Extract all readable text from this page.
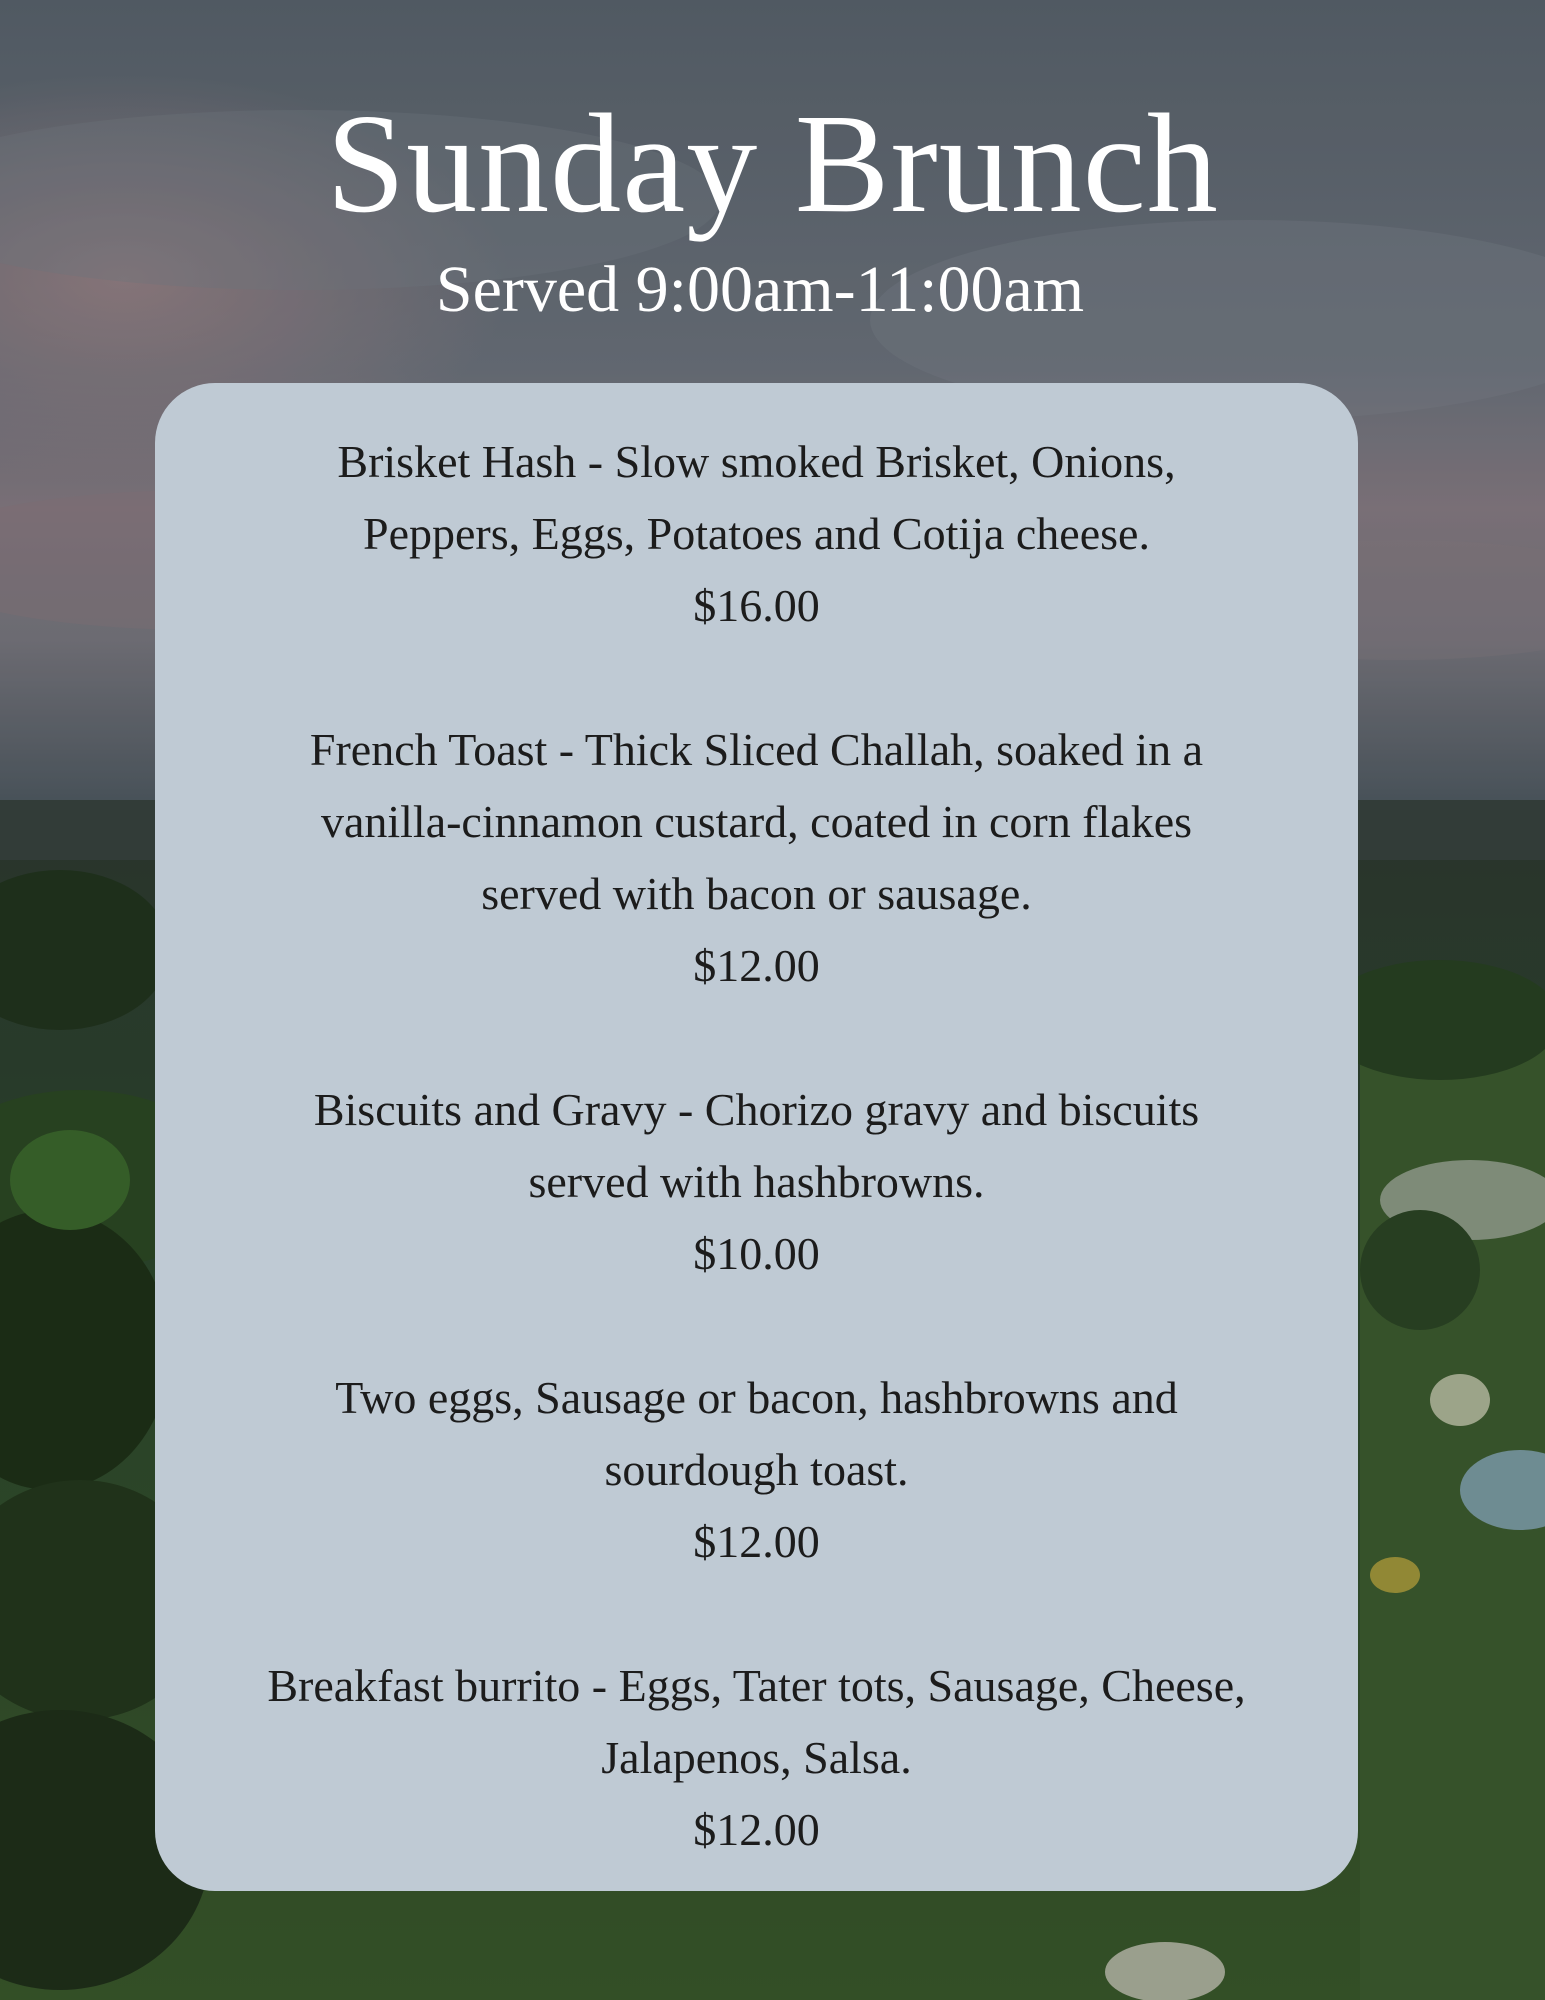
Sunday Brunch
Served 9:00am-11:00am
Brisket Hash - Slow smoked Brisket, Onions,
Peppers, Eggs, Potatoes and Cotija cheese.
$16.00
French Toast - Thick Sliced Challah, soaked in a
vanilla-cinnamon custard, coated in corn flakes
served with bacon or sausage.
$12.00
Biscuits and Gravy - Chorizo gravy and biscuits
served with hashbrowns.
$10.00
Two eggs, Sausage or bacon, hashbrowns and
sourdough toast.
$12.00
Breakfast burrito - Eggs, Tater tots, Sausage, Cheese,
Jalapenos, Salsa.
$12.00
